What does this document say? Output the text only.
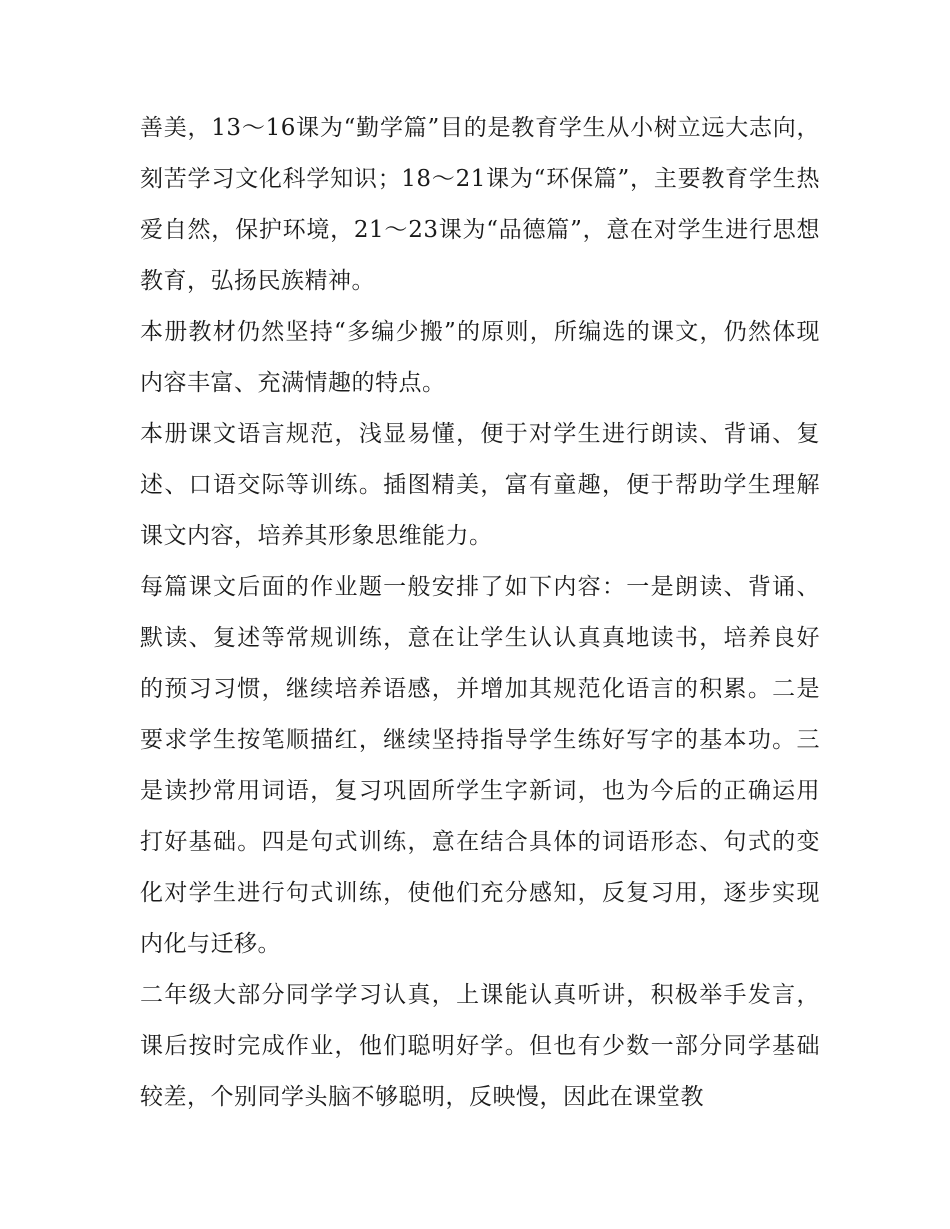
善美，13～16课为“勤学篇”目的是教育学生从小树立远大志向，刻苦学习文化科学知识；18～21课为“环保篇”，主要教育学生热爱自然，保护环境，21～23课为“品德篇”，意在对学生进行思想教育，弘扬民族精神。

本册教材仍然坚持“多编少搬”的原则，所编选的课文，仍然体现内容丰富、充满情趣的特点。

本册课文语言规范，浅显易懂，便于对学生进行朗读、背诵、复述、口语交际等训练。插图精美，富有童趣，便于帮助学生理解课文内容，培养其形象思维能力。

每篇课文后面的作业题一般安排了如下内容：一是朗读、背诵、默读、复述等常规训练，意在让学生认认真真地读书，培养良好的预习习惯，继续培养语感，并增加其规范化语言的积累。二是要求学生按笔顺描红，继续坚持指导学生练好写字的基本功。三是读抄常用词语，复习巩固所学生字新词，也为今后的正确运用打好基础。四是句式训练，意在结合具体的词语形态、句式的变化对学生进行句式训练，使他们充分感知，反复习用，逐步实现内化与迁移。

二年级大部分同学学习认真，上课能认真听讲，积极举手发言，课后按时完成作业，他们聪明好学。但也有少数一部分同学基础较差，个别同学头脑不够聪明，反映慢，因此在课堂教
